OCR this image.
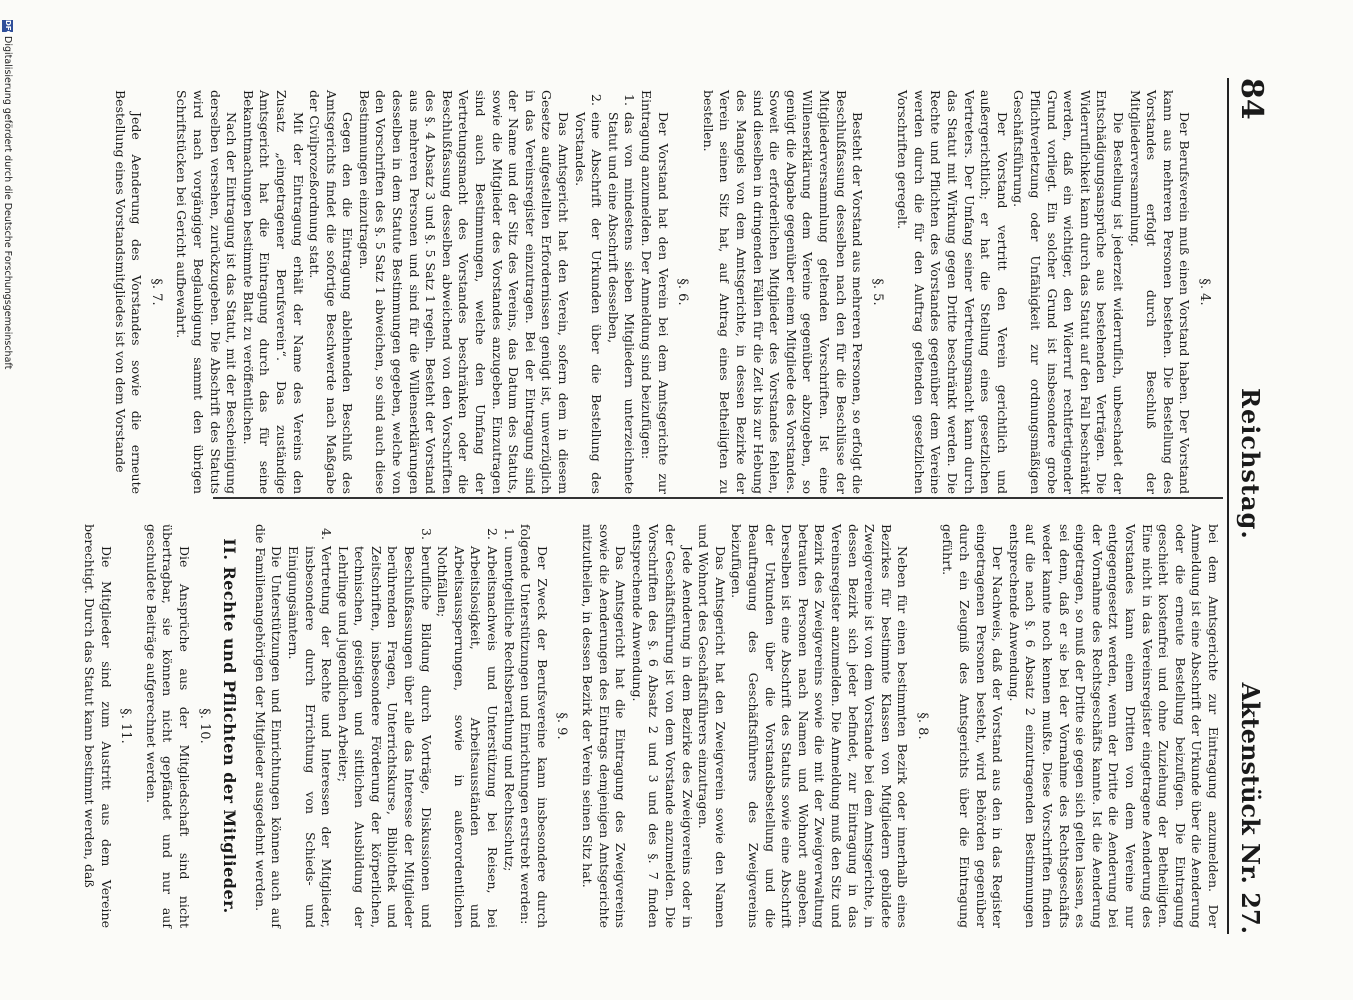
84
Reichstag.
Aktenstück Nr. 27.

§. 4.

Der Berufsverein muß einen Vorstand haben. Der Vorstand kann aus mehreren Personen bestehen. Die Bestellung des Vorstandes erfolgt durch Beschluß der Mitgliederversammlung.

Die Bestellung ist jederzeit widerruflich, unbeschadet der Entschädigungsansprüche aus bestehenden Verträgen. Die Widerruflichkeit kann durch das Statut auf den Fall beschränkt werden, daß ein wichtiger, den Widerruf rechtfertigender Grund vorliegt. Ein solcher Grund ist insbesondere grobe Pflichtverletzung oder Unfähigkeit zur ordnungsmäßigen Geschäftsführung.

Der Vorstand vertritt den Verein gerichtlich und außergerichtlich; er hat die Stellung eines gesetzlichen Vertreters. Der Umfang seiner Vertretungsmacht kann durch das Statut mit Wirkung gegen Dritte beschränkt werden. Die Rechte und Pflichten des Vorstandes gegenüber dem Vereine werden durch die für den Auftrag geltenden gesetzlichen Vorschriften geregelt.

§. 5.

Besteht der Vorstand aus mehreren Personen, so erfolgt die Beschlußfassung desselben nach den für die Beschlüsse der Mitgliederversammlung geltenden Vorschriften. Ist eine Willenserklärung dem Vereine gegenüber abzugeben, so genügt die Abgabe gegenüber einem Mitgliede des Vorstandes. Soweit die erforderlichen Mitglieder des Vorstandes fehlen, sind dieselben in dringenden Fällen für die Zeit bis zur Hebung des Mangels von dem Amtsgerichte, in dessen Bezirke der Verein seinen Sitz hat, auf Antrag eines Betheiligten zu bestellen.

§. 6.

Der Vorstand hat den Verein bei dem Amtsgerichte zur Eintragung anzumelden. Der Anmeldung sind beizufügen:

1.
das von mindestens sieben Mitgliedern unterzeichnete Statut und eine Abschrift desselben,

2.
eine Abschrift der Urkunden über die Bestellung des Vorstandes.

Das Amtsgericht hat den Verein, sofern dem in diesem Gesetze aufgestellten Erfordernissen genügt ist, unverzüglich in das Vereinsregister einzutragen. Bei der Eintragung sind der Name und der Sitz des Vereins, das Datum des Statuts, sowie die Mitglieder des Vorstandes anzugeben. Einzutragen sind auch Bestimmungen, welche den Umfang der Vertretungsmacht des Vorstandes beschränken oder die Beschlußfassung desselben abweichend von den Vorschriften des §. 4 Absatz 3 und §. 5 Satz 1 regeln. Besteht der Vorstand aus mehreren Personen und sind für die Willenserklärungen desselben in dem Statute Bestimmungen gegeben, welche von den Vorschriften des §. 5 Satz 1 abweichen, so sind auch diese Bestimmungen einzutragen.

Gegen den die Eintragung ablehnenden Beschluß des Amtsgerichts findet die sofortige Beschwerde nach Maßgabe der Civilprozeßordnung statt.

Mit der Eintragung erhält der Name des Vereins den Zusatz „eingetragener Berufsverein“. Das zuständige Amtsgericht hat die Eintragung durch das für seine Bekanntmachungen bestimmte Blatt zu veröffentlichen.

Nach der Eintragung ist das Statut, mit der Bescheinigung derselben versehen, zurückzugeben. Die Abschrift des Statuts wird nach vorgängiger Beglaubigung sammt den übrigen Schriftstücken bei Gericht aufbewahrt.

§. 7.

Jede Aenderung des Vorstandes sowie die erneute Bestellung eines Vorstandsmitgliedes ist von dem Vorstande

bei dem Amtsgerichte zur Eintragung anzumelden. Der Anmeldung ist eine Abschrift der Urkunde über die Aenderung oder die erneute Bestellung beizufügen. Die Eintragung geschieht kostenfrei und ohne Zuziehung der Betheiligten. Eine nicht in das Vereinsregister eingetragene Aenderung des Vorstandes kann einem Dritten von dem Vereine nur entgegengesetzt werden, wenn der Dritte die Aenderung bei der Vornahme des Rechtsgeschäfts kannte. Ist die Aenderung eingetragen, so muß der Dritte sie gegen sich gelten lassen, es sei denn, daß er sie bei der Vornahme des Rechtsgeschäfts weder kannte noch kennen mußte. Diese Vorschriften finden auf die nach §. 6 Absatz 2 einzutragenden Bestimmungen entsprechende Anwendung.

Der Nachweis, daß der Vorstand aus den in das Register eingetragenen Personen besteht, wird Behörden gegenüber durch ein Zeugniß des Amtsgerichts über die Eintragung geführt.

§. 8.

Neben für einen bestimmten Bezirk oder innerhalb eines Bezirkes für bestimmte Klassen von Mitgliedern gebildete Zweigvereine ist von dem Vorstande bei dem Amtsgerichte, in dessen Bezirk sich jeder befindet, zur Eintragung in das Vereinsregister anzumelden. Die Anmeldung muß den Sitz und Bezirk des Zweigvereins sowie die mit der Zweigverwaltung betrauten Personen nach Namen und Wohnort angeben. Derselben ist eine Abschrift des Statuts sowie eine Abschrift der Urkunden über die Vorstandsbestellung und die Beauftragung des Geschäftsführers des Zweigvereins beizufügen.

Das Amtsgericht hat den Zweigverein sowie den Namen und Wohnort des Geschäftsführers einzutragen.

Jede Aenderung in dem Bezirke des Zweigvereins oder in der Geschäftsführung ist von dem Vorstande anzumelden. Die Vorschriften des §. 6 Absatz 2 und 3 und des §. 7 finden entsprechende Anwendung.

Das Amtsgericht hat die Eintragung des Zweigvereins sowie die Aenderungen des Eintrags demjenigen Amtsgerichte mitzutheilen, in dessen Bezirk der Verein seinen Sitz hat.

§. 9.

Der Zweck der Berufsvereine kann insbesondere durch folgende Unterstützungen und Einrichtungen erstrebt werden:

1.
unentgeltliche Rechtsberathung und Rechtsschutz;

2.
Arbeitsnachweis und Unterstützung bei Reisen, bei Arbeitslosigkeit, Arbeitsausständen und Arbeitsaussperrungen, sowie in außerordentlichen Nothfällen;

3.
berufliche Bildung durch Vorträge, Diskussionen und Beschlußfassungen über alle das Interesse der Mitglieder berührenden Fragen, Unterrichtskurse, Bibliothek und Zeitschriften, insbesondere Förderung der körperlichen, technischen, geistigen und sittlichen Ausbildung der Lehrlinge und jugendlichen Arbeiter;

4.
Vertretung der Rechte und Interessen der Mitglieder, insbesondere durch Errichtung von Schieds- und Einigungsämtern.

Die Unterstützungen und Einrichtungen können auch auf die Familienangehörigen der Mitglieder ausgedehnt werden.

II. Rechte und Pflichten der Mitglieder.

§. 10.

Die Ansprüche aus der Mitgliedschaft sind nicht übertragbar, sie können nicht gepfändet und nur auf geschuldete Beiträge aufgerechnet werden.

§. 11.

Die Mitglieder sind zum Austritt aus dem Vereine berechtigt. Durch das Statut kann bestimmt werden, daß

DFG
Digitalisierung gefördert durch die Deutsche Forschungsgemeinschaft
